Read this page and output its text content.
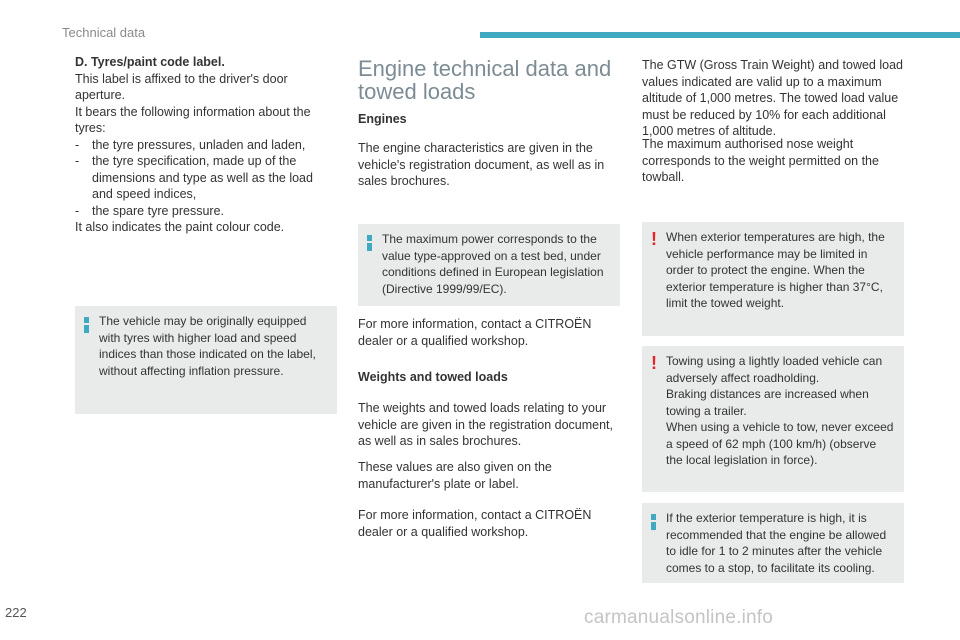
Technical data

D. Tyres/paint code label.

This label is affixed to the driver's door aperture.

It bears the following information about the tyres:

- the tyre pressures, unladen and laden,
- the tyre specification, made up of the dimensions and type as well as the load and speed indices,
- the spare tyre pressure.

It also indicates the paint colour code.

The vehicle may be originally equipped with tyres with higher load and speed indices than those indicated on the label, without affecting inflation pressure.

Engine technical data and towed loads

Engines
The engine characteristics are given in the vehicle's registration document, as well as in sales brochures.
The maximum power corresponds to the value type-approved on a test bed, under conditions defined in European legislation (Directive 1999/99/EC).
For more information, contact a CITROËN dealer or a qualified workshop.
Weights and towed loads
The weights and towed loads relating to your vehicle are given in the registration document, as well as in sales brochures.
These values are also given on the manufacturer's plate or label.
For more information, contact a CITROËN dealer or a qualified workshop.
The GTW (Gross Train Weight) and towed load values indicated are valid up to a maximum altitude of 1,000 metres. The towed load value must be reduced by 10% for each additional 1,000 metres of altitude.
The maximum authorised nose weight corresponds to the weight permitted on the towball.
! When exterior temperatures are high, the vehicle performance may be limited in order to protect the engine. When the exterior temperature is higher than 37°C, limit the towed weight.
! Towing using a lightly loaded vehicle can adversely affect roadholding.
Braking distances are increased when towing a trailer.
When using a vehicle to tow, never exceed a speed of 62 mph (100 km/h) (observe the local legislation in force).
If the exterior temperature is high, it is recommended that the engine be allowed to idle for 1 to 2 minutes after the vehicle comes to a stop, to facilitate its cooling.
222	carmanualsonline.info
